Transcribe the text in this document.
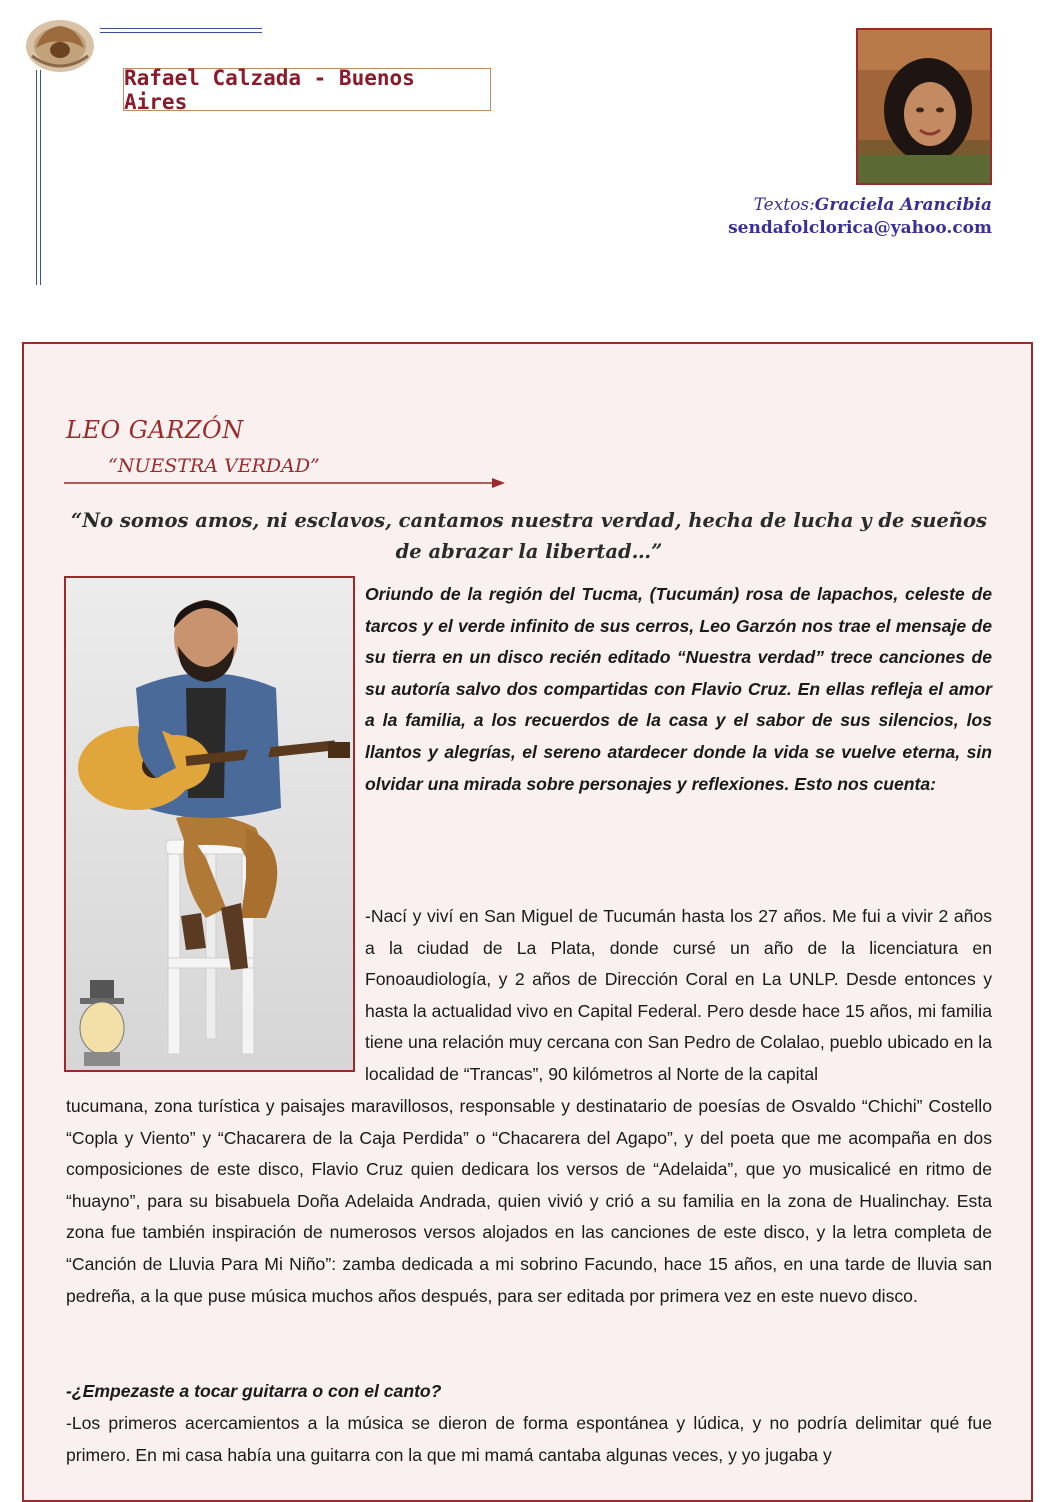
Rafael Calzada - Buenos Aires
Textos:Graciela Arancibia
sendafolclorica@yahoo.com
LEO GARZÓN
“NUESTRA VERDAD”

“No somos amos, ni esclavos, cantamos nuestra verdad, hecha de lucha y de sueños de abrazar la libertad…”

Oriundo de la región del Tucma, (Tucumán) rosa de lapachos, celeste de tarcos y el verde infinito de sus cerros, Leo Garzón nos trae el mensaje de su tierra en un disco recién editado “Nuestra verdad” trece canciones de su autoría salvo dos compartidas con Flavio Cruz. En ellas refleja el amor a la familia, a los recuerdos de la casa y el sabor de sus silencios, los llantos y alegrías, el sereno atardecer donde la vida se vuelve eterna, sin olvidar una mirada sobre personajes y reflexiones. Esto nos cuenta:

-Nací y viví en San Miguel de Tucumán hasta los 27 años. Me fui a vivir 2 años a la ciudad de La Plata, donde cursé un año de la licenciatura en Fonoaudiología, y 2 años de Dirección Coral en La UNLP. Desde entonces y hasta la actualidad vivo en Capital Federal. Pero desde hace 15 años, mi familia tiene una relación muy cercana con San Pedro de Colalao, pueblo ubicado en la localidad de “Trancas”, 90 kilómetros al Norte de la capital

tucumana, zona turística y paisajes maravillosos, responsable y destinatario de poesías de Osvaldo “Chichi” Costello “Copla y Viento” y “Chacarera de la Caja Perdida” o “Chacarera del Agapo”, y del poeta que me acompaña en dos composiciones de este disco, Flavio Cruz quien dedicara los versos de “Adelaida”, que yo musicalicé en ritmo de “huayno”, para su bisabuela Doña Adelaida Andrada, quien vivió y crió a su familia en la zona de Hualinchay. Esta zona fue también inspiración de numerosos versos alojados en las canciones de este disco, y la letra completa de “Canción de Lluvia Para Mi Niño”: zamba dedicada a mi sobrino Facundo, hace 15 años, en una tarde de lluvia san pedreña, a la que puse música muchos años después, para ser editada por primera vez en este nuevo disco.

-¿Empezaste a tocar guitarra o con el canto?

-Los primeros acercamientos a la música se dieron de forma espontánea y lúdica, y no podría delimitar qué fue primero. En mi casa había una guitarra con la que mi mamá cantaba algunas veces, y yo jugaba y
